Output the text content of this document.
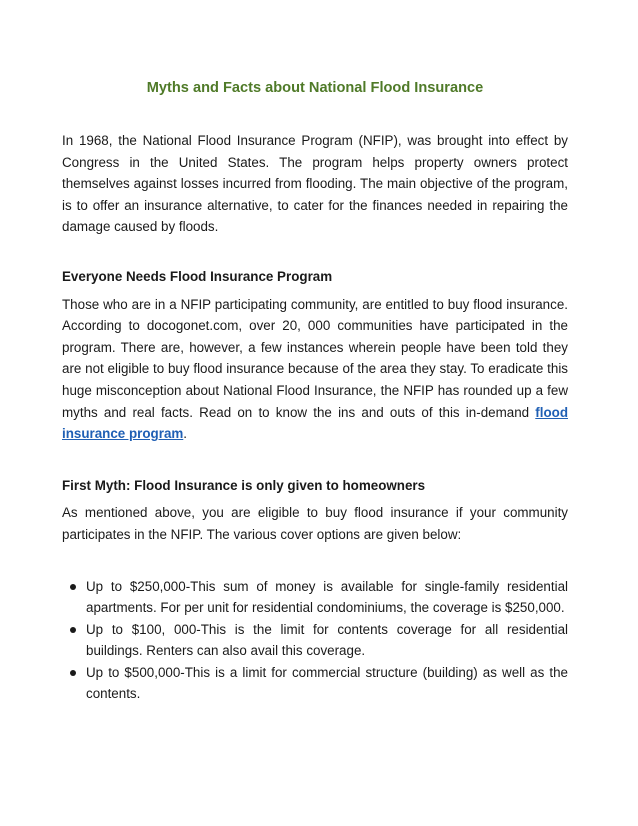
Myths and Facts about National Flood Insurance

In 1968, the National Flood Insurance Program (NFIP), was brought into effect by Congress in the United States. The program helps property owners protect themselves against losses incurred from flooding. The main objective of the program, is to offer an insurance alternative, to cater for the finances needed in repairing the damage caused by floods.

Everyone Needs Flood Insurance Program

Those who are in a NFIP participating community, are entitled to buy flood insurance. According to docogonet.com, over 20, 000 communities have participated in the program. There are, however, a few instances wherein people have been told they are not eligible to buy flood insurance because of the area they stay. To eradicate this huge misconception about National Flood Insurance, the NFIP has rounded up a few myths and real facts. Read on to know the ins and outs of this in-demand flood insurance program.

First Myth: Flood Insurance is only given to homeowners

As mentioned above, you are eligible to buy flood insurance if your community participates in the NFIP. The various cover options are given below:

Up to $250,000-This sum of money is available for single-family residential apartments. For per unit for residential condominiums, the coverage is $250,000.
Up to $100, 000-This is the limit for contents coverage for all residential buildings. Renters can also avail this coverage.
Up to $500,000-This is a limit for commercial structure (building) as well as the contents.
